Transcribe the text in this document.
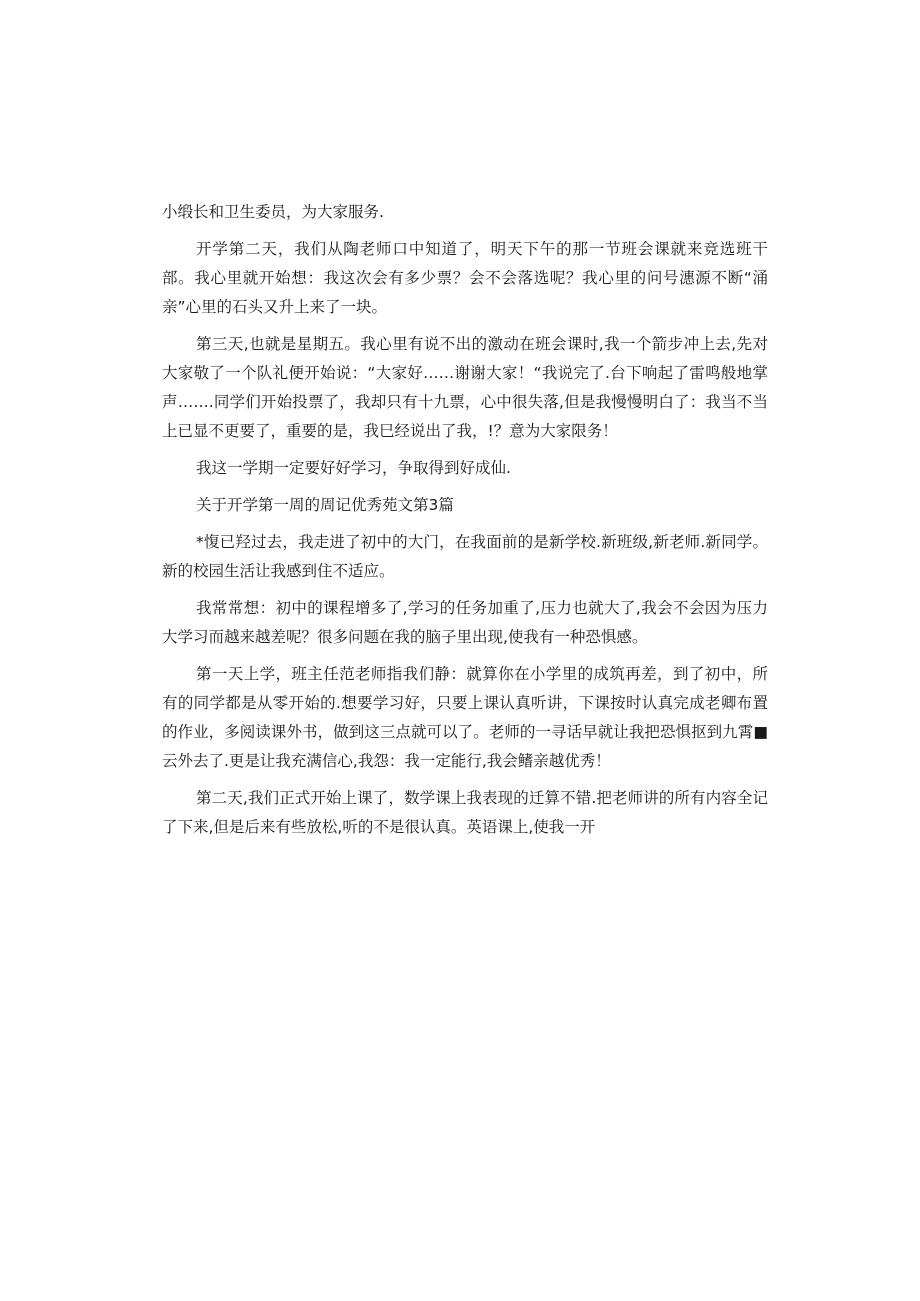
小缎长和卫生委员，为大家服务.

开学第二天，我们从陶老师口中知道了，明天下午的那一节班会课就来竞选班干部。我心里就开始想：我这次会有多少票？会不会落选呢？我心里的问号潓源不断“涌亲”心里的石头又升上来了一块。

第三天,也就是星期五。我心里有说不出的激动在班会课时,我一个箭步冲上去,先对大家敬了一个队礼便开始说：“大家好……谢谢大家！“我说完了.台下响起了雷鸣般地掌声…….同学们开始投票了，我却只有十九票，心中很失落,但是我慢慢明白了：我当不当上已显不更要了，重要的是，我巳经说出了我，!？意为大家限务！

我这一学期一定要好好学习，争取得到好成仙.

关于开学第一周的周记优秀苑文第3篇

*愎已羟过去，我走进了初中的大门，在我面前的是新学校.新班级,新老师.新同学。新的校园生活让我感到住不适应。

我常常想：初中的课程增多了,学习的任务加重了,压力也就大了,我会不会因为压力大学习而越来越差呢？很多问题在我的脑子里出现,使我有一种恐惧感。

第一天上学，班主任范老师指我们静：就算你在小学里的成筑再差，到了初中，所有的同学都是从零开始的.想要学习好，只要上课认真听讲，下课按时认真完成老卿布置的作业，多阅读课外书，做到这三点就可以了。老师的一寻话早就让我把恐惧抠到九霄■云外去了.更是让我充满信心,我怨：我一定能行,我会鳍亲越优秀！

第二天,我们正式开始上课了，数学课上我表现的迁算不错.把老师讲的所有内容全记了下来,但是后来有些放松,听的不是很认真。英语课上,使我一开
